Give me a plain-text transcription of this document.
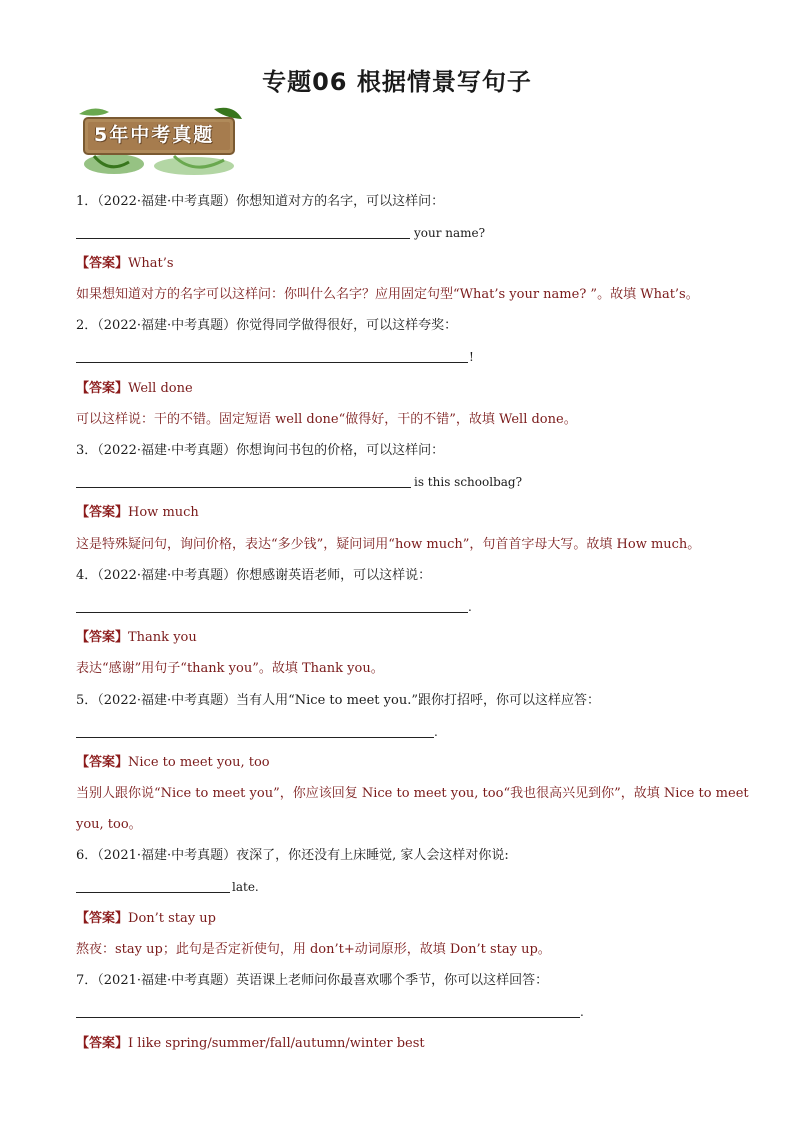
专题06 根据情景写句子
5年中考真题
1．（2022·福建·中考真题）你想知道对方的名字，可以这样问：
your name?
【答案】What’s
如果想知道对方的名字可以这样问：你叫什么名字？应用固定句型“What’s your name? ”。故填 What’s。
2．（2022·福建·中考真题）你觉得同学做得很好，可以这样夸奖：
!
【答案】Well done
可以这样说：干的不错。固定短语 well done“做得好，干的不错”，故填 Well done。
3．（2022·福建·中考真题）你想询问书包的价格，可以这样问：
is this schoolbag?
【答案】How much
这是特殊疑问句，询问价格，表达“多少钱”，疑问词用“how much”，句首首字母大写。故填 How much。
4．（2022·福建·中考真题）你想感谢英语老师，可以这样说：
.
【答案】Thank you
表达“感谢”用句子“thank you”。故填 Thank you。
5．（2022·福建·中考真题）当有人用“Nice to meet you.”跟你打招呼，你可以这样应答：
.
【答案】Nice to meet you, too
当别人跟你说“Nice to meet you”，你应该回复 Nice to meet you, too“我也很高兴见到你”，故填 Nice to meet
you, too。
6．（2021·福建·中考真题）夜深了，你还没有上床睡觉, 家人会这样对你说:
late.
【答案】Don’t stay up
熬夜：stay up；此句是否定祈使句，用 don’t+动词原形，故填 Don’t stay up。
7．（2021·福建·中考真题）英语课上老师问你最喜欢哪个季节，你可以这样回答：
.
【答案】I like spring/summer/fall/autumn/winter best
